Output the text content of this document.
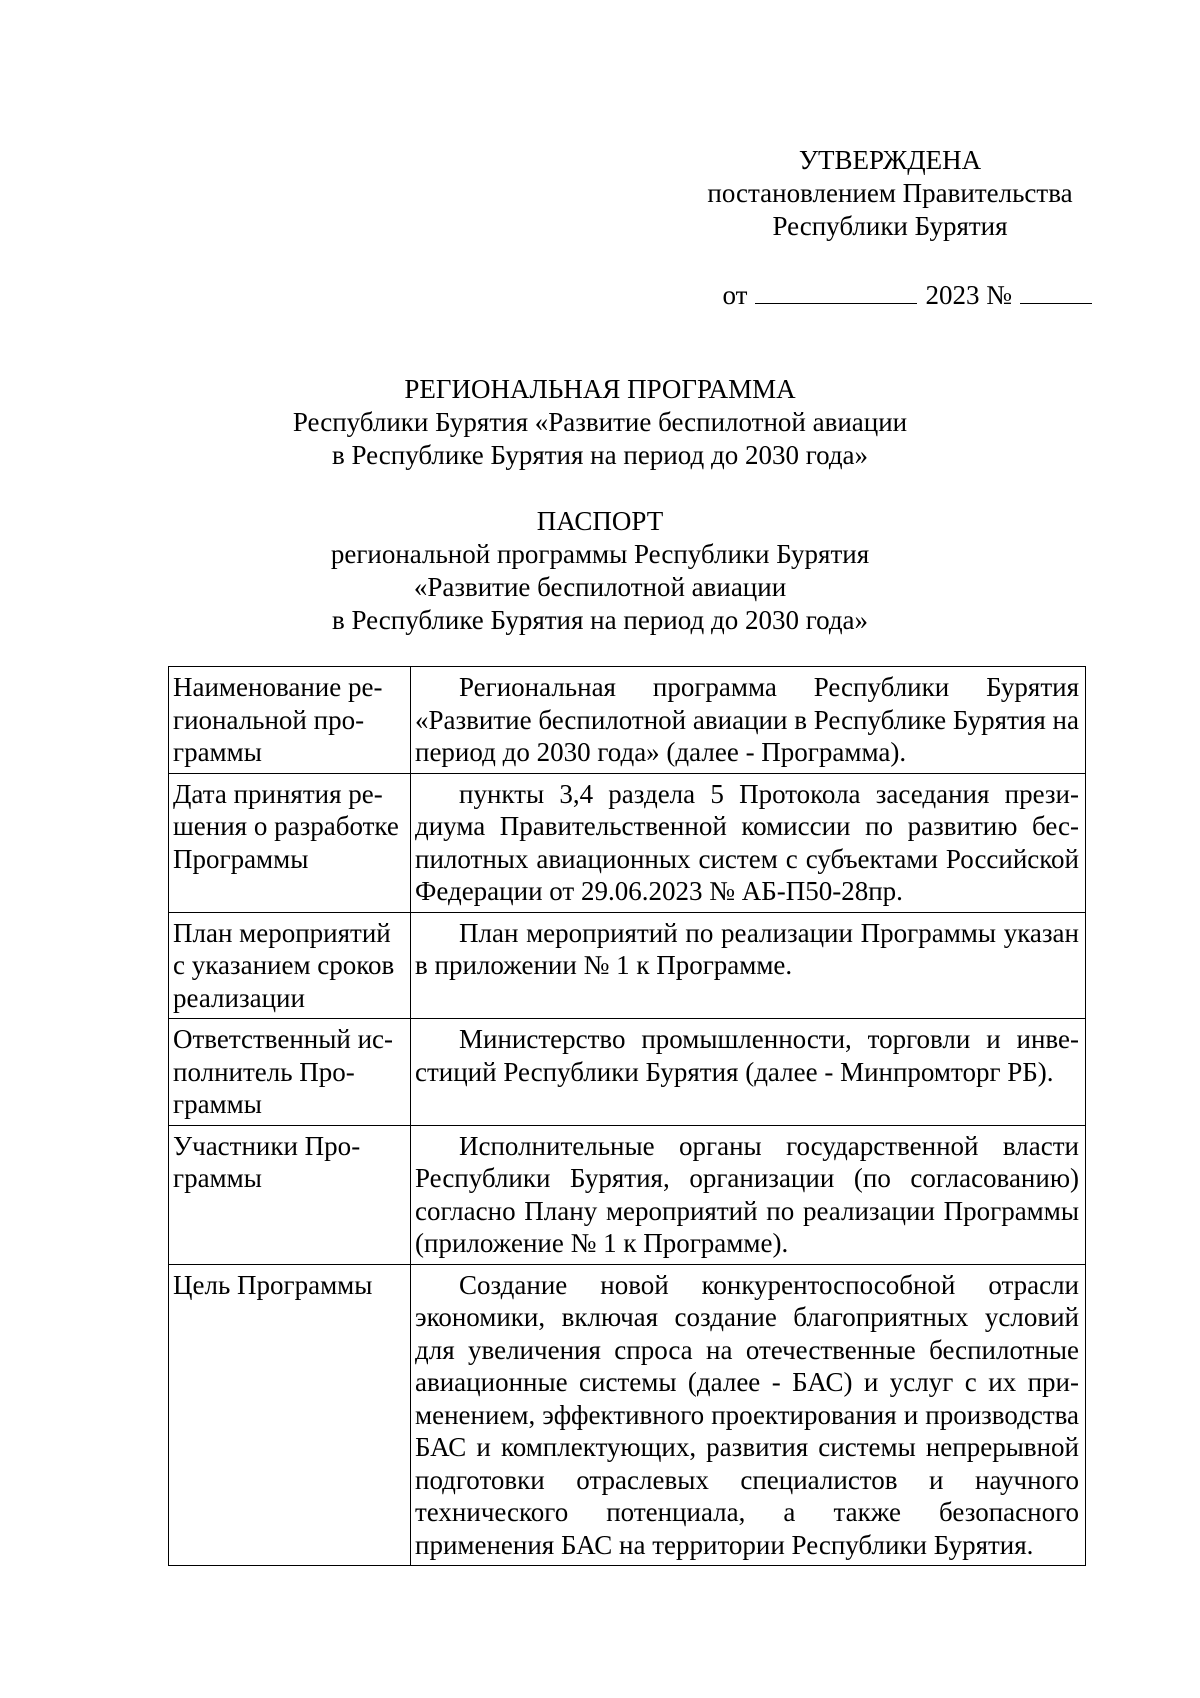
УТВЕРЖДЕНА
постановлением Правительства
Республики Бурятия
от	2023 №
РЕГИОНАЛЬНАЯ ПРОГРАММА
Республики Бурятия «Развитие беспилотной авиации
в Республике Бурятия на период до 2030 года»
ПАСПОРТ
региональной программы Республики Бурятия
«Развитие беспилотной авиации
в Республике Бурятия на период до 2030 года»
Наименование региональной программы	Региональная программа Республики Бурятия «Развитие беспилотной авиации в Республике Бурятия на период до 2030 года» (далее - Программа).
Дата принятия решения о разработке Программы	пункты 3,4 раздела 5 Протокола заседания президиума Правительственной комиссии по развитию беспилотных авиационных систем с субъектами Российской Федерации от 29.06.2023 № АБ-П50-28пр.
План мероприятий с указанием сроков реализации	План мероприятий по реализации Программы указан в приложении № 1 к Программе.
Ответственный исполнитель Программы	Министерство промышленности, торговли и инвестиций Республики Бурятия (далее - Минпромторг РБ).
Участники Программы	Исполнительные органы государственной власти Республики Бурятия, организации (по согласованию) согласно Плану мероприятий по реализации Программы (приложение № 1 к Программе).
Цель Программы	Создание новой конкурентоспособной отрасли экономики, включая создание благоприятных условий для увеличения спроса на отечественные беспилотные авиационные системы (далее - БАС) и услуг с их применением, эффективного проектирования и производства БАС и комплектующих, развития системы непрерывной подготовки отраслевых специалистов и научного технического потенциала, а также безопасного применения БАС на территории Республики Бурятия.
